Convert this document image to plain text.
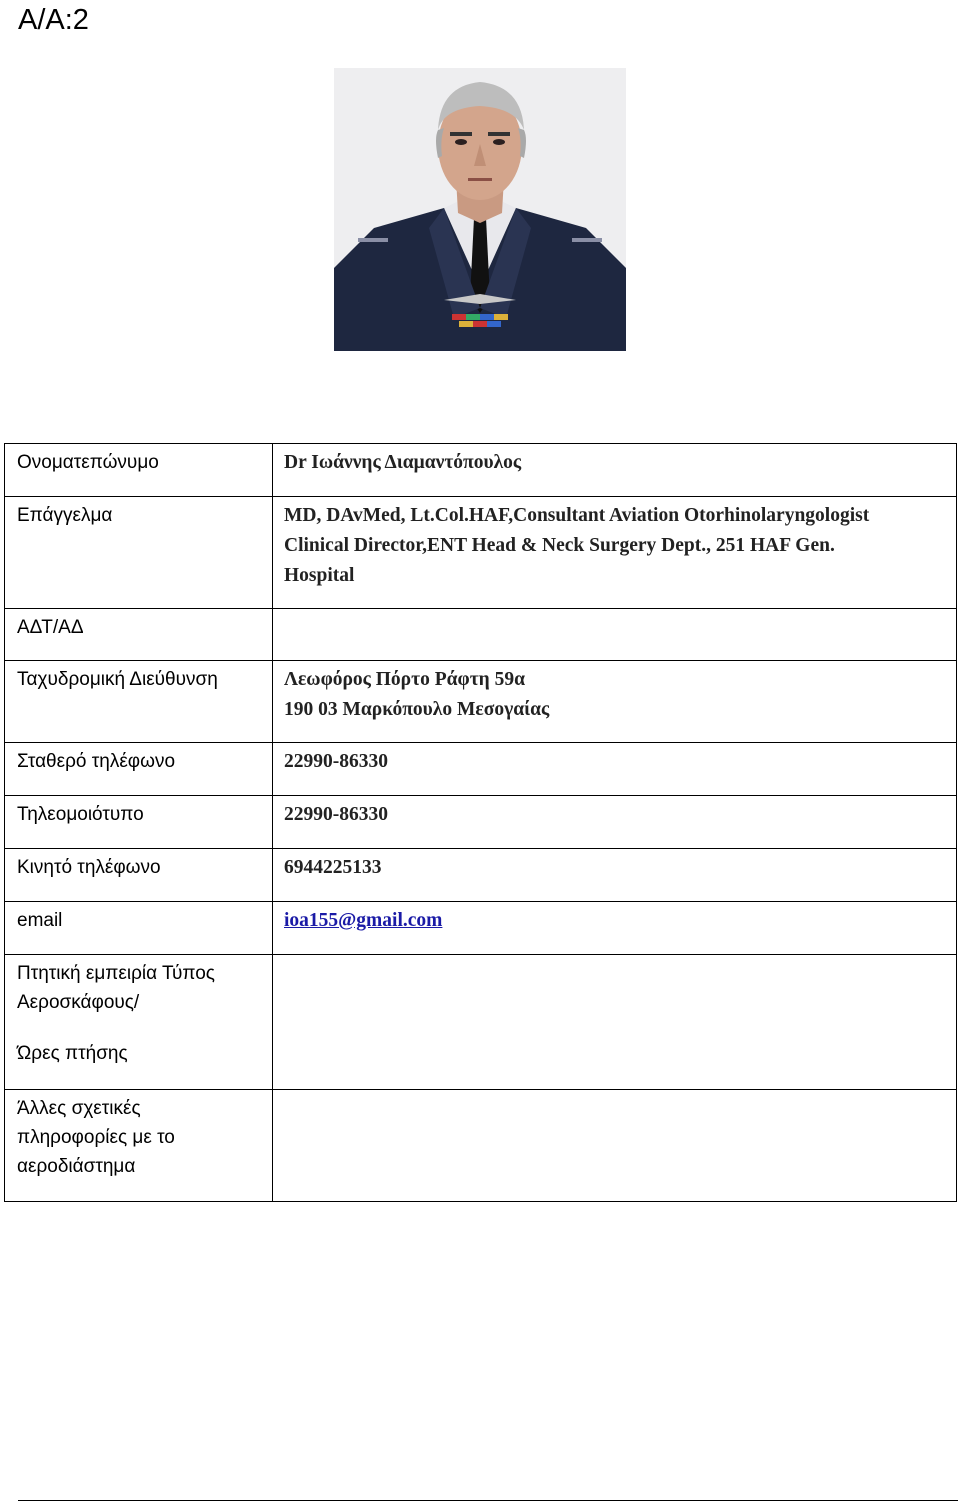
Α/Α:2
Ονοματεπώνυμο	Dr Ιωάννης Διαμαντόπουλος

Επάγγελμα	MD, DAvMed, Lt.Col.HAF,Consultant Aviation Otorhinolaryngologist
Clinical Director,ENT Head & Neck Surgery Dept., 251 HAF Gen.
Hospital

ΑΔΤ/ΑΔ	
Ταχυδρομική Διεύθυνση	Λεωφόρος Πόρτο Ράφτη 59α
190 03 Μαρκόπουλο Μεσογαίας

Σταθερό τηλέφωνο	22990-86330

Τηλεομοιότυπο	22990-86330

Κινητό τηλέφωνο	6944225133

email	ioa155@gmail.com

Πτητική εμπειρία Τύπος
Αεροσκάφους/
Ώρες πτήσης	

Άλλες σχετικές
πληροφορίες με το
αεροδιάστημα	
